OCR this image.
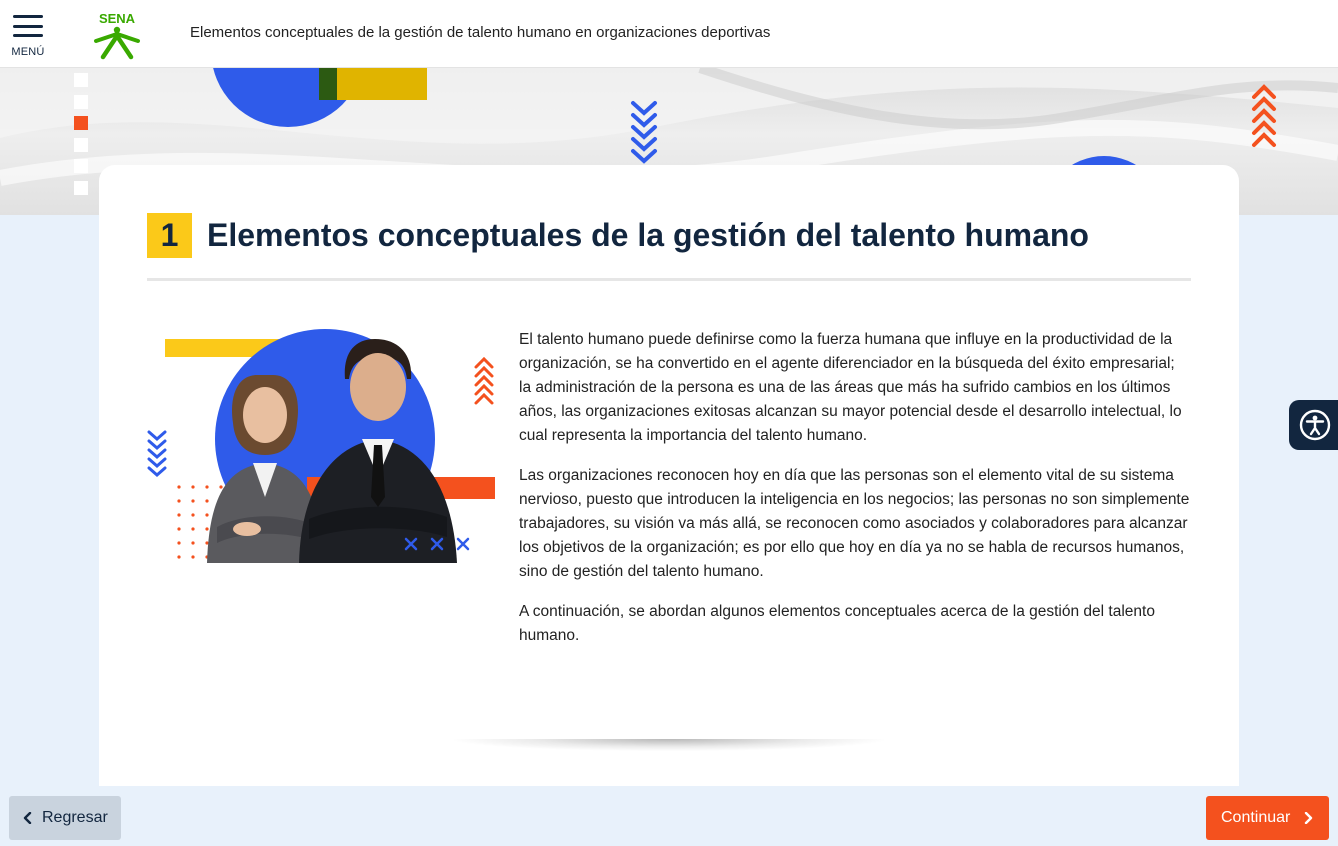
MENÚ
SENA
Elementos conceptuales de la gestión de talento humano en organizaciones deportivas
1 Elementos conceptuales de la gestión del talento humano

El talento humano puede definirse como la fuerza humana que influye en la productividad de la organización, se ha convertido en el agente diferenciador en la búsqueda del éxito empresarial; la administración de la persona es una de las áreas que más ha sufrido cambios en los últimos años, las organizaciones exitosas alcanzan su mayor potencial desde el desarrollo intelectual, lo cual representa la importancia del talento humano.

Las organizaciones reconocen hoy en día que las personas son el elemento vital de su sistema nervioso, puesto que introducen la inteligencia en los negocios; las personas no son simplemente trabajadores, su visión va más allá, se reconocen como asociados y colaboradores para alcanzar los objetivos de la organización; es por ello que hoy en día ya no se habla de recursos humanos, sino de gestión del talento humano.

A continuación, se abordan algunos elementos conceptuales acerca de la gestión del talento humano.

Regresar	Continuar
